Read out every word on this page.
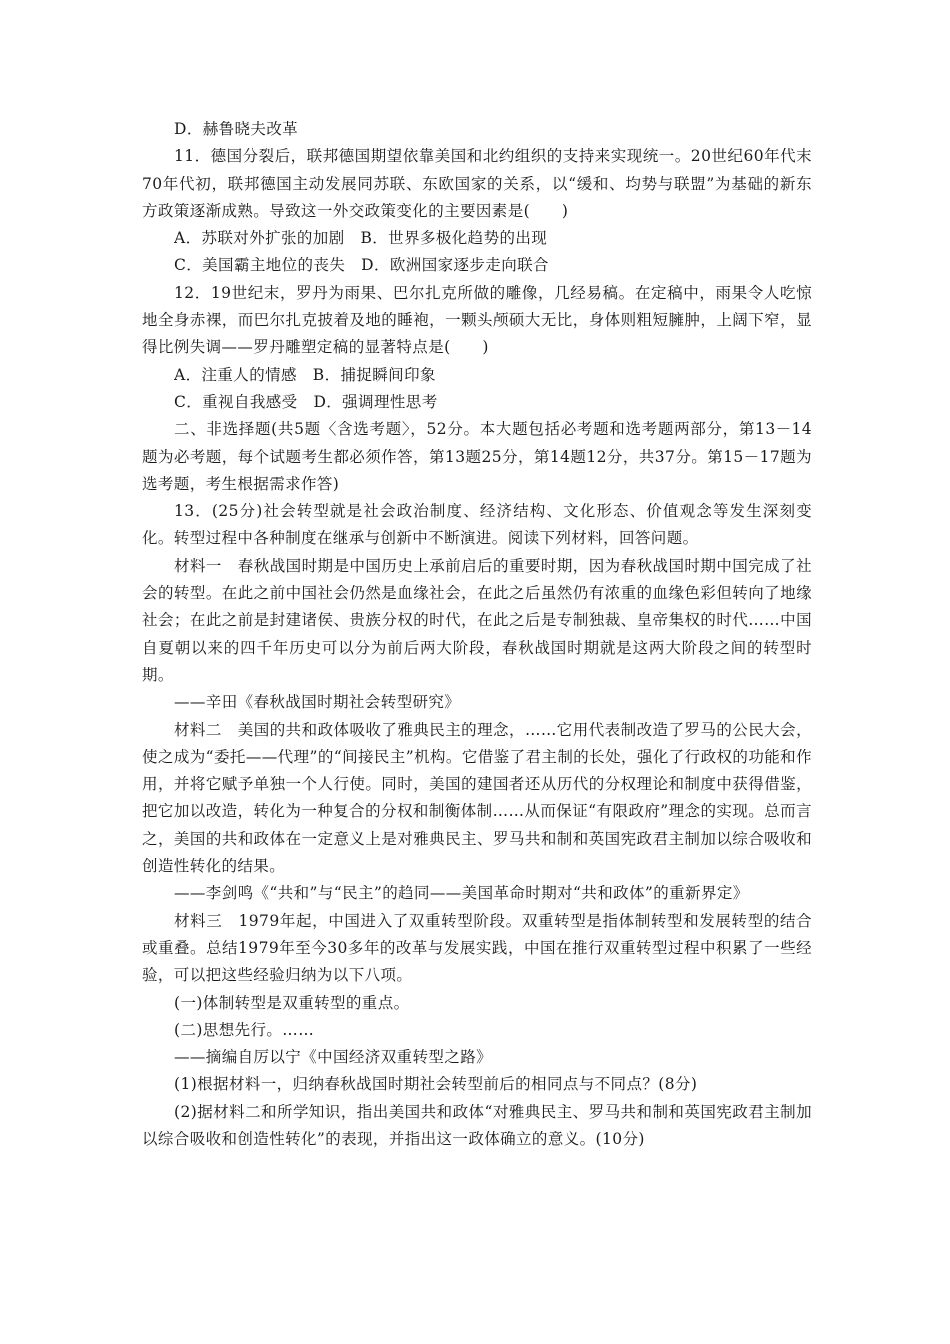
D．赫鲁晓夫改革

11．德国分裂后，联邦德国期望依靠美国和北约组织的支持来实现统一。20世纪60年代末70年代初，联邦德国主动发展同苏联、东欧国家的关系，以“缓和、均势与联盟”为基础的新东方政策逐渐成熟。导致这一外交政策变化的主要因素是(　　)

A．苏联对外扩张的加剧　B．世界多极化趋势的出现

C．美国霸主地位的丧失　D．欧洲国家逐步走向联合

12．19世纪末，罗丹为雨果、巴尔扎克所做的雕像，几经易稿。在定稿中，雨果令人吃惊地全身赤裸，而巴尔扎克披着及地的睡袍，一颗头颅硕大无比，身体则粗短臃肿，上阔下窄，显得比例失调——罗丹雕塑定稿的显著特点是(　　)

A．注重人的情感　B．捕捉瞬间印象

C．重视自我感受　D．强调理性思考

二、非选择题(共5题〈含选考题〉，52分。本大题包括必考题和选考题两部分，第13－14题为必考题，每个试题考生都必须作答，第13题25分，第14题12分，共37分。第15－17题为选考题，考生根据需求作答)

13．(25分)社会转型就是社会政治制度、经济结构、文化形态、价值观念等发生深刻变化。转型过程中各种制度在继承与创新中不断演进。阅读下列材料，回答问题。

材料一　春秋战国时期是中国历史上承前启后的重要时期，因为春秋战国时期中国完成了社会的转型。在此之前中国社会仍然是血缘社会，在此之后虽然仍有浓重的血缘色彩但转向了地缘社会；在此之前是封建诸侯、贵族分权的时代，在此之后是专制独裁、皇帝集权的时代……中国自夏朝以来的四千年历史可以分为前后两大阶段，春秋战国时期就是这两大阶段之间的转型时期。

——辛田《春秋战国时期社会转型研究》

材料二　美国的共和政体吸收了雅典民主的理念，……它用代表制改造了罗马的公民大会，使之成为“委托——代理”的“间接民主”机构。它借鉴了君主制的长处，强化了行政权的功能和作用，并将它赋予单独一个人行使。同时，美国的建国者还从历代的分权理论和制度中获得借鉴，把它加以改造，转化为一种复合的分权和制衡体制……从而保证“有限政府”理念的实现。总而言之，美国的共和政体在一定意义上是对雅典民主、罗马共和制和英国宪政君主制加以综合吸收和创造性转化的结果。

——李剑鸣《“共和”与“民主”的趋同——美国革命时期对“共和政体”的重新界定》

材料三　1979年起，中国进入了双重转型阶段。双重转型是指体制转型和发展转型的结合或重叠。总结1979年至今30多年的改革与发展实践，中国在推行双重转型过程中积累了一些经验，可以把这些经验归纳为以下八项。

(一)体制转型是双重转型的重点。

(二)思想先行。……

——摘编自厉以宁《中国经济双重转型之路》

(1)根据材料一，归纳春秋战国时期社会转型前后的相同点与不同点？(8分)

(2)据材料二和所学知识，指出美国共和政体“对雅典民主、罗马共和制和英国宪政君主制加以综合吸收和创造性转化”的表现，并指出这一政体确立的意义。(10分)
